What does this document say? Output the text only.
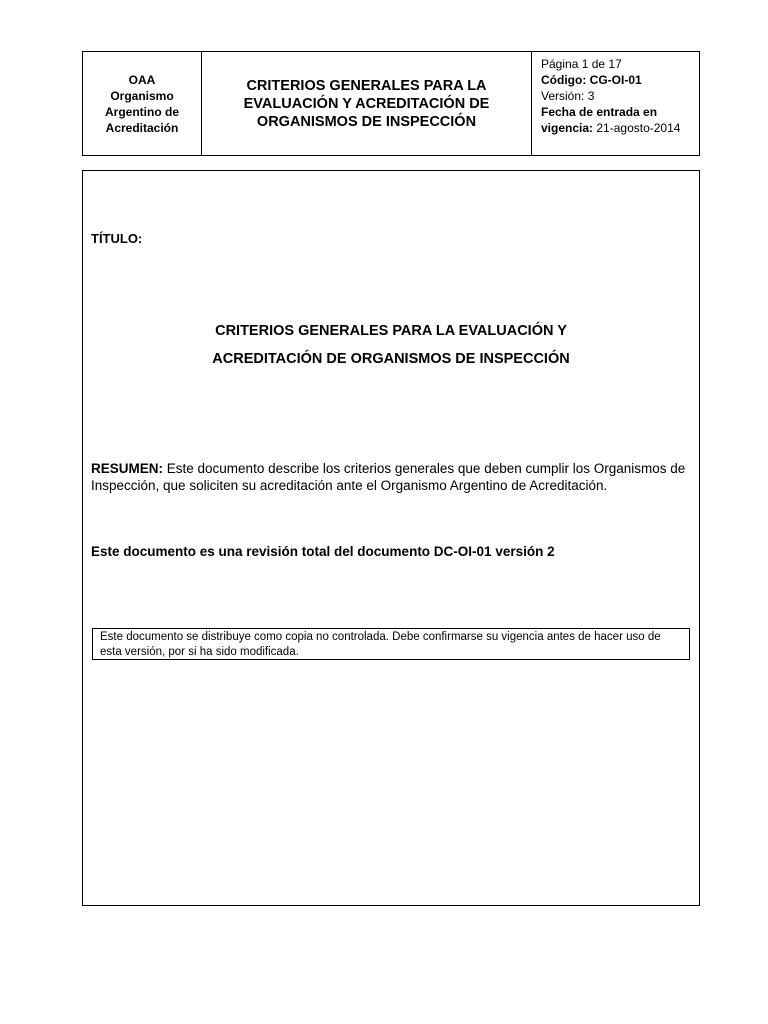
OAA
Organismo
Argentino de
Acreditación
CRITERIOS GENERALES PARA LA
EVALUACIÓN Y ACREDITACIÓN DE
ORGANISMOS DE INSPECCIÓN
Página 1 de 17
Código: CG-OI-01
Versión: 3
Fecha de entrada en
vigencia: 21-agosto-2014
TÍTULO:
CRITERIOS GENERALES PARA LA EVALUACIÓN Y
ACREDITACIÓN DE ORGANISMOS DE INSPECCIÓN
RESUMEN: Este documento describe los criterios generales que deben cumplir los Organismos de Inspección, que soliciten su acreditación ante el Organismo Argentino de Acreditación.
Este documento es una revisión total del documento DC-OI-01 versión 2
Este documento se distribuye como copia no controlada. Debe confirmarse su vigencia antes de hacer uso de esta versión, por si ha sido modificada.
